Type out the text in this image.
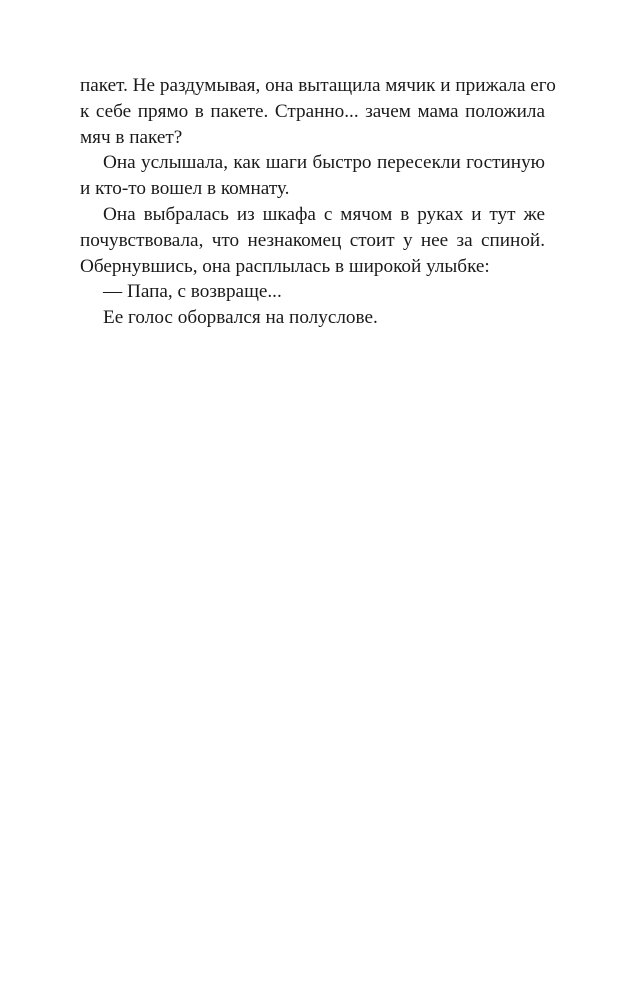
пакет. Не раздумывая, она вытащила мячик и прижала его
к себе прямо в пакете. Странно... зачем мама положила
мяч в пакет?

Она услышала, как шаги быстро пересекли гостиную
и кто-то вошел в комнату.

Она выбралась из шкафа с мячом в руках и тут же
почувствовала, что незнакомец стоит у нее за спиной.
Обернувшись, она расплылась в широкой улыбке:

— Папа, с возвраще...

Ее голос оборвался на полуслове.
